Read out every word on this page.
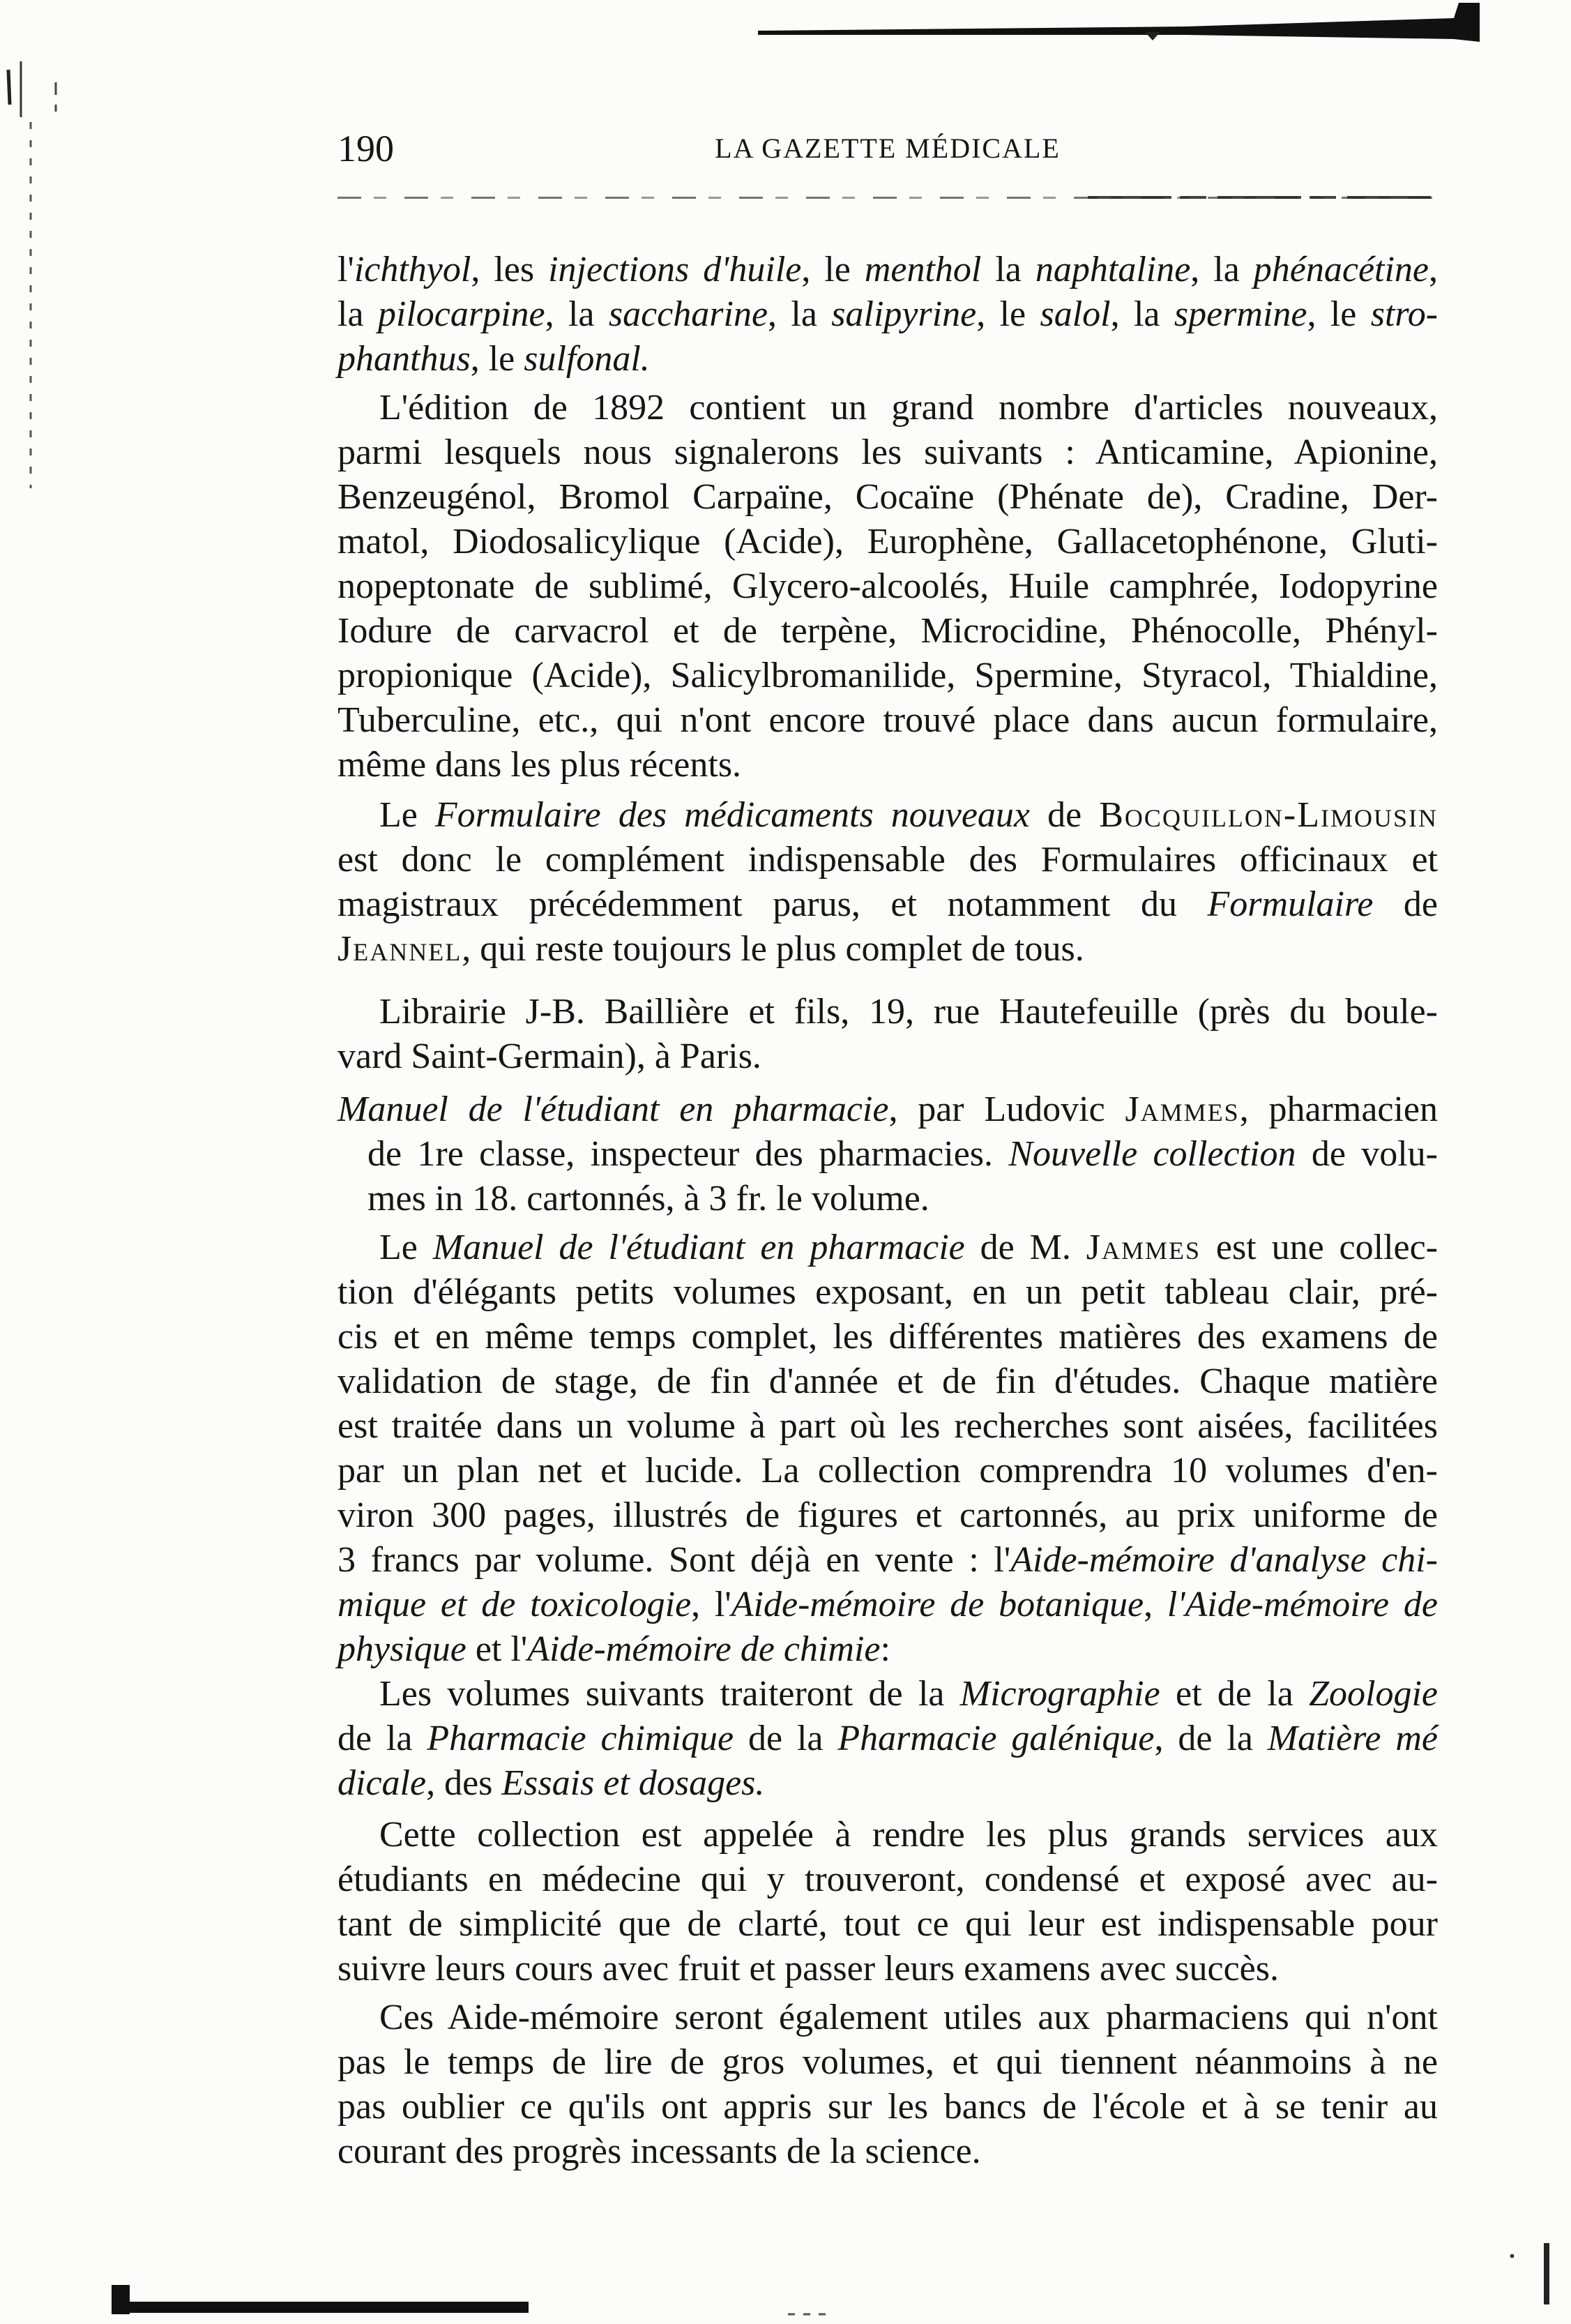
190	LA GAZETTE MÉDICALE
l'ichthyol, les injections d'huile, le menthol la naphtaline, la phénacétine,
la pilocarpine, la saccharine, la salipyrine, le salol, la spermine, le stro-
phanthus, le sulfonal.
L'édition de 1892 contient un grand nombre d'articles nouveaux,
parmi lesquels nous signalerons les suivants : Anticamine, Apionine,
Benzeugénol, Bromol Carpaïne, Cocaïne (Phénate de), Cradine, Der-
matol, Diodosalicylique (Acide), Europhène, Gallacetophénone, Gluti-
nopeptonate de sublimé, Glycero-alcoolés, Huile camphrée, Iodopyrine
Iodure de carvacrol et de terpène, Microcidine, Phénocolle, Phényl-
propionique (Acide), Salicylbromanilide, Spermine, Styracol, Thialdine,
Tuberculine, etc., qui n'ont encore trouvé place dans aucun formulaire,
même dans les plus récents.
Le Formulaire des médicaments nouveaux de Bocquillon-Limousin
est donc le complément indispensable des Formulaires officinaux et
magistraux précédemment parus, et notamment du Formulaire de
Jeannel, qui reste toujours le plus complet de tous.
Librairie J-B. Baillière et fils, 19, rue Hautefeuille (près du boule-
vard Saint-Germain), à Paris.
Manuel de l'étudiant en pharmacie, par Ludovic Jammes, pharmacien
de 1re classe, inspecteur des pharmacies. Nouvelle collection de volu-
mes in 18. cartonnés, à 3 fr. le volume.
Le Manuel de l'étudiant en pharmacie de M. Jammes est une collec-
tion d'élégants petits volumes exposant, en un petit tableau clair, pré-
cis et en même temps complet, les différentes matières des examens de
validation de stage, de fin d'année et de fin d'études. Chaque matière
est traitée dans un volume à part où les recherches sont aisées, facilitées
par un plan net et lucide. La collection comprendra 10 volumes d'en-
viron 300 pages, illustrés de figures et cartonnés, au prix uniforme de
3 francs par volume. Sont déjà en vente : l'Aide-mémoire d'analyse chi-
mique et de toxicologie, l'Aide-mémoire de botanique, l'Aide-mémoire de
physique et l'Aide-mémoire de chimie:
Les volumes suivants traiteront de la Micrographie et de la Zoologie
de la Pharmacie chimique de la Pharmacie galénique, de la Matière mé
dicale, des Essais et dosages.
Cette collection est appelée à rendre les plus grands services aux
étudiants en médecine qui y trouveront, condensé et exposé avec au-
tant de simplicité que de clarté, tout ce qui leur est indispensable pour
suivre leurs cours avec fruit et passer leurs examens avec succès.
Ces Aide-mémoire seront également utiles aux pharmaciens qui n'ont
pas le temps de lire de gros volumes, et qui tiennent néanmoins à ne
pas oublier ce qu'ils ont appris sur les bancs de l'école et à se tenir au
courant des progrès incessants de la science.
